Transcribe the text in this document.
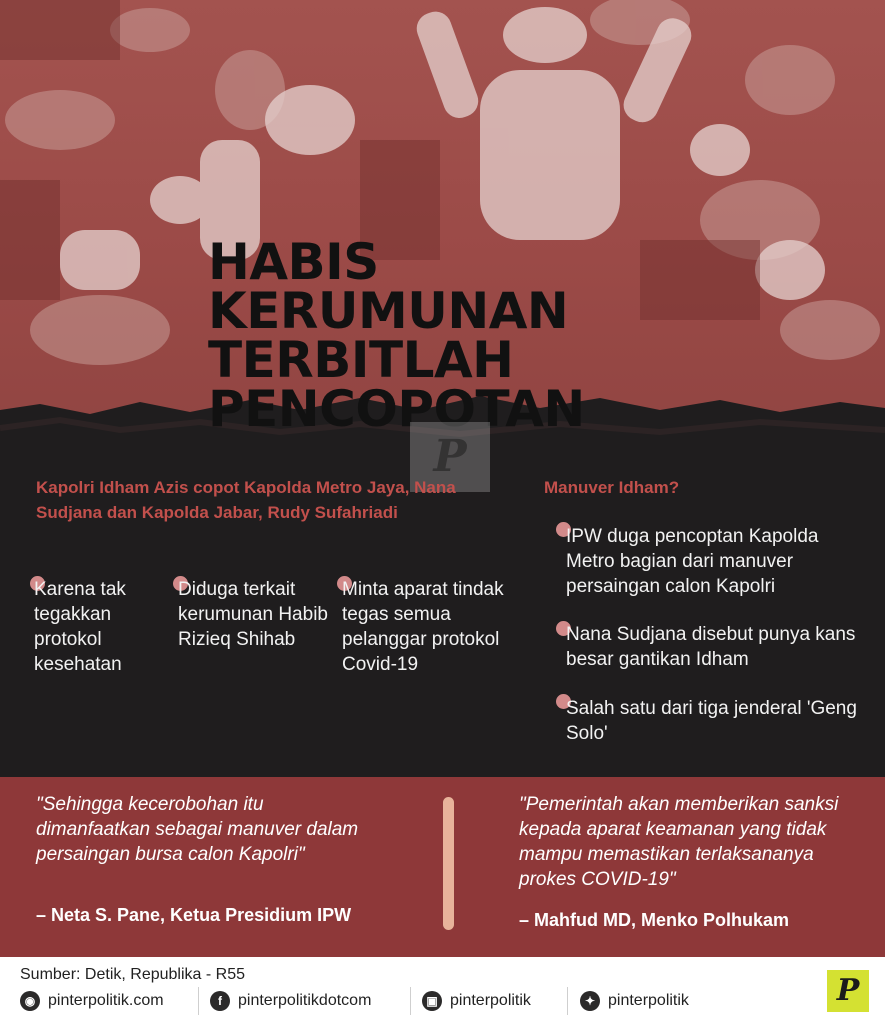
HABIS
KERUMUNAN
TERBITLAH
PENCOPOTAN
P

Kapolri Idham Azis copot Kapolda Metro Jaya, Nana Sudjana dan Kapolda Jabar, Rudy Sufahriadi

Manuver Idham?

Karena tak tegakkan protokol kesehatan

Diduga terkait kerumunan Habib Rizieq Shihab

Minta aparat tindak tegas semua pelanggar protokol Covid-19

IPW duga pencoptan Kapolda Metro bagian dari manuver persaingan calon Kapolri

Nana Sudjana disebut punya kans besar gantikan Idham

Salah satu dari tiga jenderal 'Geng Solo'

"Sehingga kecerobohan itu dimanfaatkan sebagai manuver dalam persaingan bursa calon Kapolri"

– Neta S. Pane, Ketua Presidium IPW

"Pemerintah akan memberikan sanksi kepada aparat keamanan yang tidak mampu memastikan terlaksananya prokes COVID-19"

– Mahfud MD, Menko Polhukam

Sumber: Detik, Republika - R55

◉ pinterpolitik.com	f	pinterpolitikdotcom	▣ pinterpolitik	✦ pinterpolitik	P
